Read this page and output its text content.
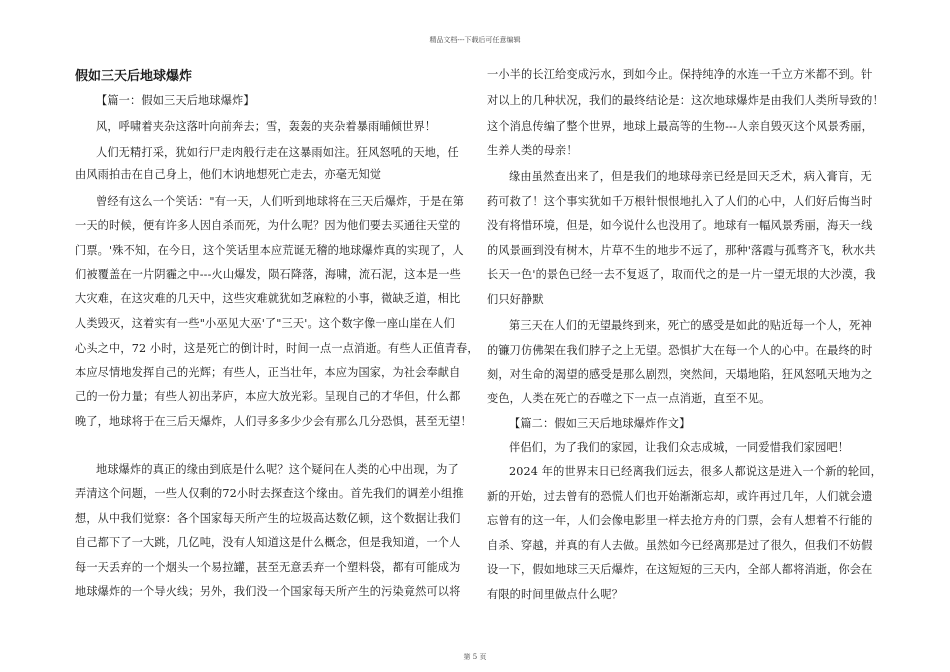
精品文档---下载后可任意编辑
假如三天后地球爆炸
【篇一：假如三天后地球爆炸】
风，呼啸着夹杂这落叶向前奔去；雪，轰轰的夹杂着暴雨晡倾世界！
人们无精打采，犹如行尸走肉般行走在这暴雨如注。狂风怒吼的天地，任
由风雨拍击在自己身上，他们木讷地想死亡走去，亦毫无知觉
曾经有这么一个笑话："有一天，人们听到地球将在三天后爆炸，于是在第
一天的时候，便有许多人因自杀而死，为什么呢？因为他们要去买通往天堂的
门票。'殊不知，在今日，这个笑话里本应荒诞无稽的地球爆炸真的实现了，人
们被覆盖在一片阴霾之中---火山爆发，陨石降落，海啸，流石泥，这本是一些
大灾难，在这灾难的几天中，这些灾难就犹如芝麻粒的小事，微缺乏道，相比
人类毁灭，这着实有一些"小巫见大巫'了"三天'。这个数字像一座山崖在人们
心头之中，72 小时，这是死亡的倒计时，时间一点一点消逝。有些人正值青春，
本应尽情地发挥自己的光辉；有些人，正当壮年，本应为国家，为社会奉献自
己的一份力量；有些人初出茅庐，本应大放光彩。呈现自己的才华但，什么都
晚了，地球将于在三后天爆炸，人们寻多多少少会有那么几分恐惧，甚至无望！
地球爆炸的真正的缘由到底是什么呢？这个疑问在人类的心中出现，为了
弄清这个问题，一些人仅剩的72小时去探查这个缘由。首先我们的调差小组推
想，从中我们觉察：各个国家每天所产生的垃圾高达数亿顿，这个数据让我们
自己都下了一大跳，几亿吨，没有人知道这是什么概念，但是我知道，一个人
每一天丢弃的一个烟头一个易拉罐，甚至无意丢弃一个塑料袋，都有可能成为
地球爆炸的一个导火线；另外，我们没一个国家每天所产生的污染竟然可以将
一小半的长江给变成污水，到如今止。保持纯净的水连一千立方米都不到。针
对以上的几种状况，我们的最终结论是：这次地球爆炸是由我们人类所导致的！
这个消息传编了整个世界，地球上最高等的生物---人亲自毁灭这个风景秀丽，
生养人类的母亲！
缘由虽然查出来了，但是我们的地球母亲已经是回天乏术，病入膏肓，无
药可救了！这个事实犹如千万根针恨恨地扎入了人们的心中，人们好后悔当时
没有将惜环境，但是，如今说什么也没用了。地球有一幅风景秀丽，海天一线
的风景画到没有树木，片草不生的地步不远了，那种'落霞与孤骛齐飞，秋水共
长天一色'的景色已经一去不复返了，取而代之的是一片一望无垠的大沙漠，我
们只好静默
第三天在人们的无望最终到来，死亡的感受是如此的贴近每一个人，死神
的镰刀仿佛架在我们脖子之上无望。恐惧扩大在每一个人的心中。在最终的时
刻，对生命的渴望的感受是那么剧烈，突然间，天塌地陷，狂风怒吼天地为之
变色，人类在死亡的吞噬之下一点一点消逝，直至不见。
【篇二：假如三天后地球爆炸作文】
伴侣们，为了我们的家园，让我们众志成城，一同爱惜我们家园吧！
2024 年的世界末日已经离我们远去，很多人都说这是进入一个新的轮回，
新的开始，过去曾有的恐慌人们也开始渐渐忘却，或许再过几年，人们就会遗
忘曾有的这一年，人们会像电影里一样去抢方舟的门票，会有人想着不行能的
自杀、穿越，并真的有人去做。虽然如今已经离那是过了很久，但我们不妨假
设一下，假如地球三天后爆炸，在这短短的三天内，全部人都将消逝，你会在
有限的时间里做点什么呢？
第 5 页
